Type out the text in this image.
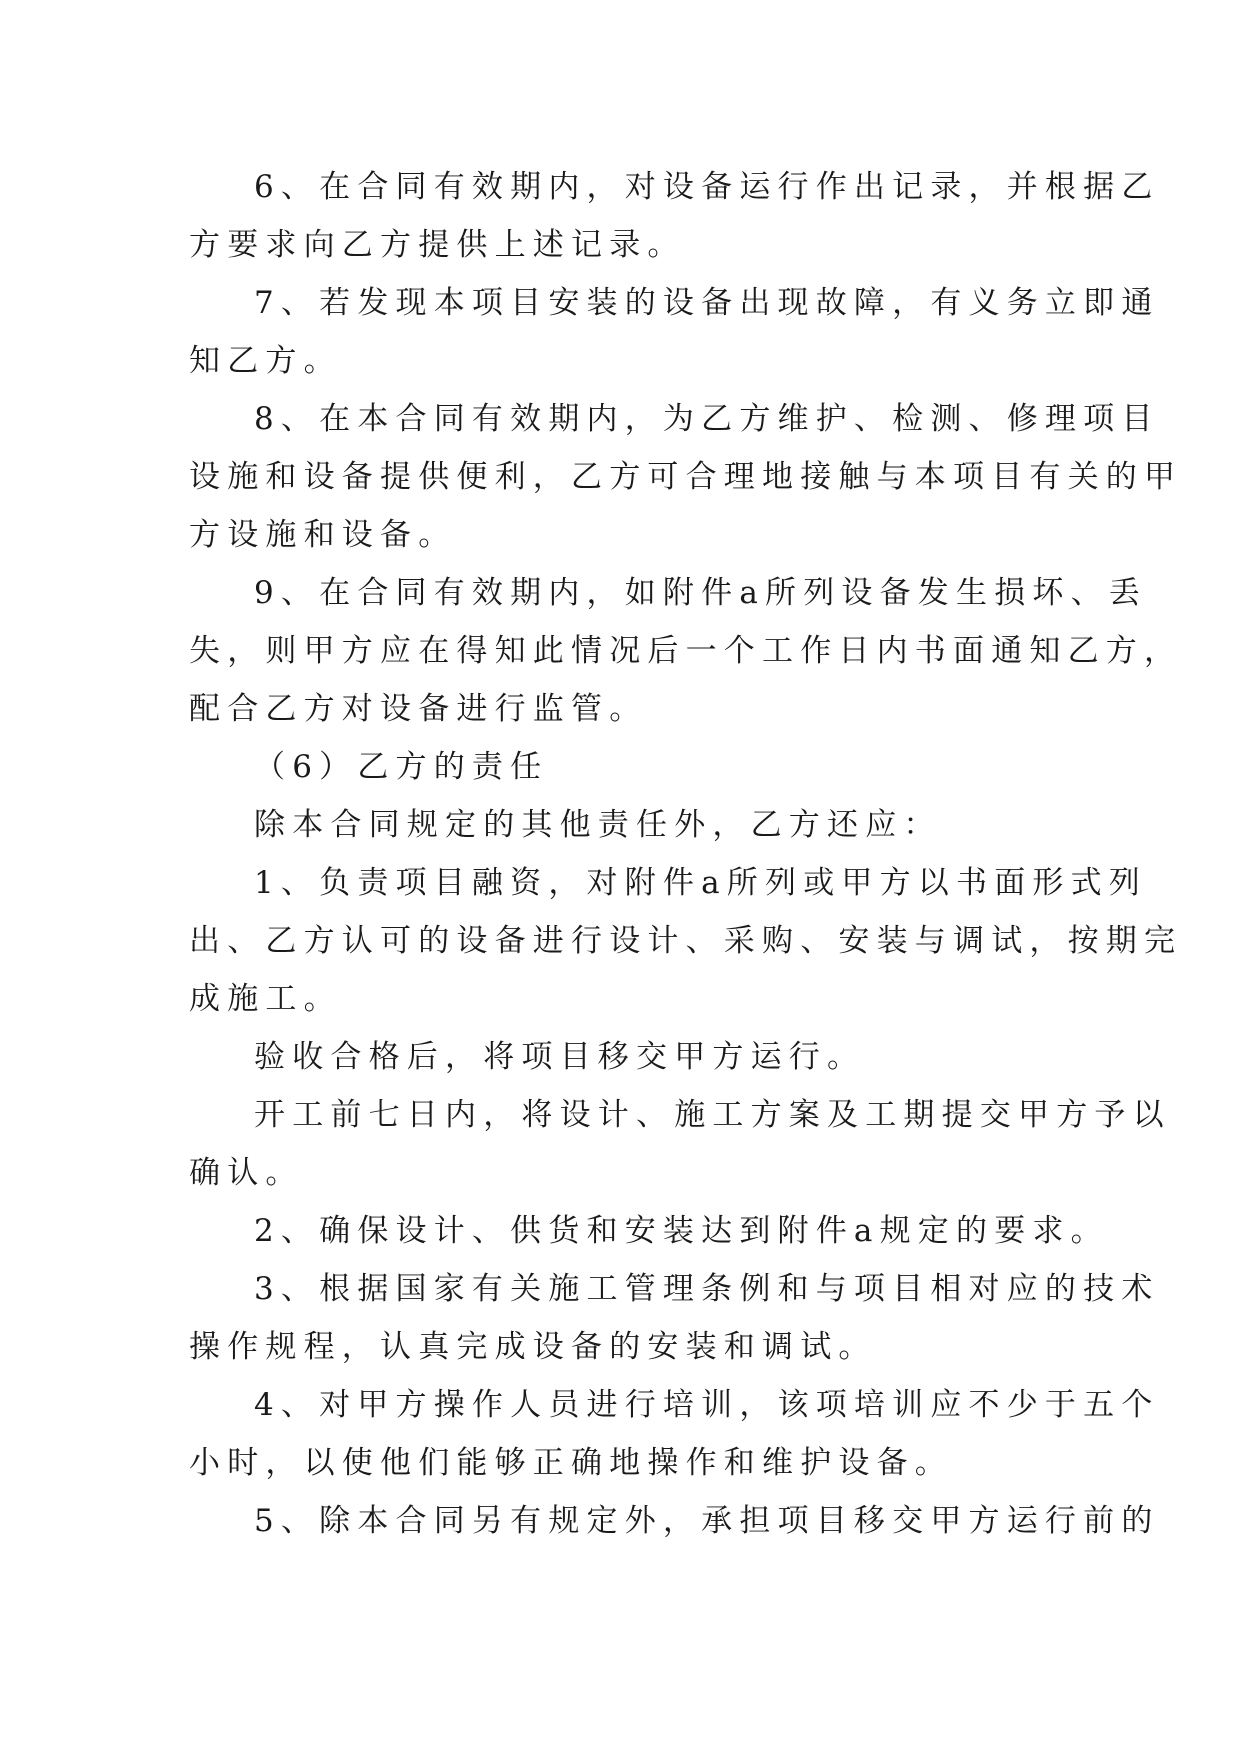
6、在合同有效期内，对设备运行作出记录，并根据乙

方要求向乙方提供上述记录。

7、若发现本项目安装的设备出现故障，有义务立即通

知乙方。

8、在本合同有效期内，为乙方维护、检测、修理项目

设施和设备提供便利，乙方可合理地接触与本项目有关的甲

方设施和设备。

9、在合同有效期内，如附件a所列设备发生损坏、丢

失，则甲方应在得知此情况后一个工作日内书面通知乙方，

配合乙方对设备进行监管。

（6）乙方的责任

除本合同规定的其他责任外，乙方还应：

1、负责项目融资，对附件a所列或甲方以书面形式列

出、乙方认可的设备进行设计、采购、安装与调试，按期完

成施工。

验收合格后，将项目移交甲方运行。

开工前七日内，将设计、施工方案及工期提交甲方予以

确认。

2、确保设计、供货和安装达到附件a规定的要求。

3、根据国家有关施工管理条例和与项目相对应的技术

操作规程，认真完成设备的安装和调试。

4、对甲方操作人员进行培训，该项培训应不少于五个

小时，以使他们能够正确地操作和维护设备。

5、除本合同另有规定外，承担项目移交甲方运行前的
